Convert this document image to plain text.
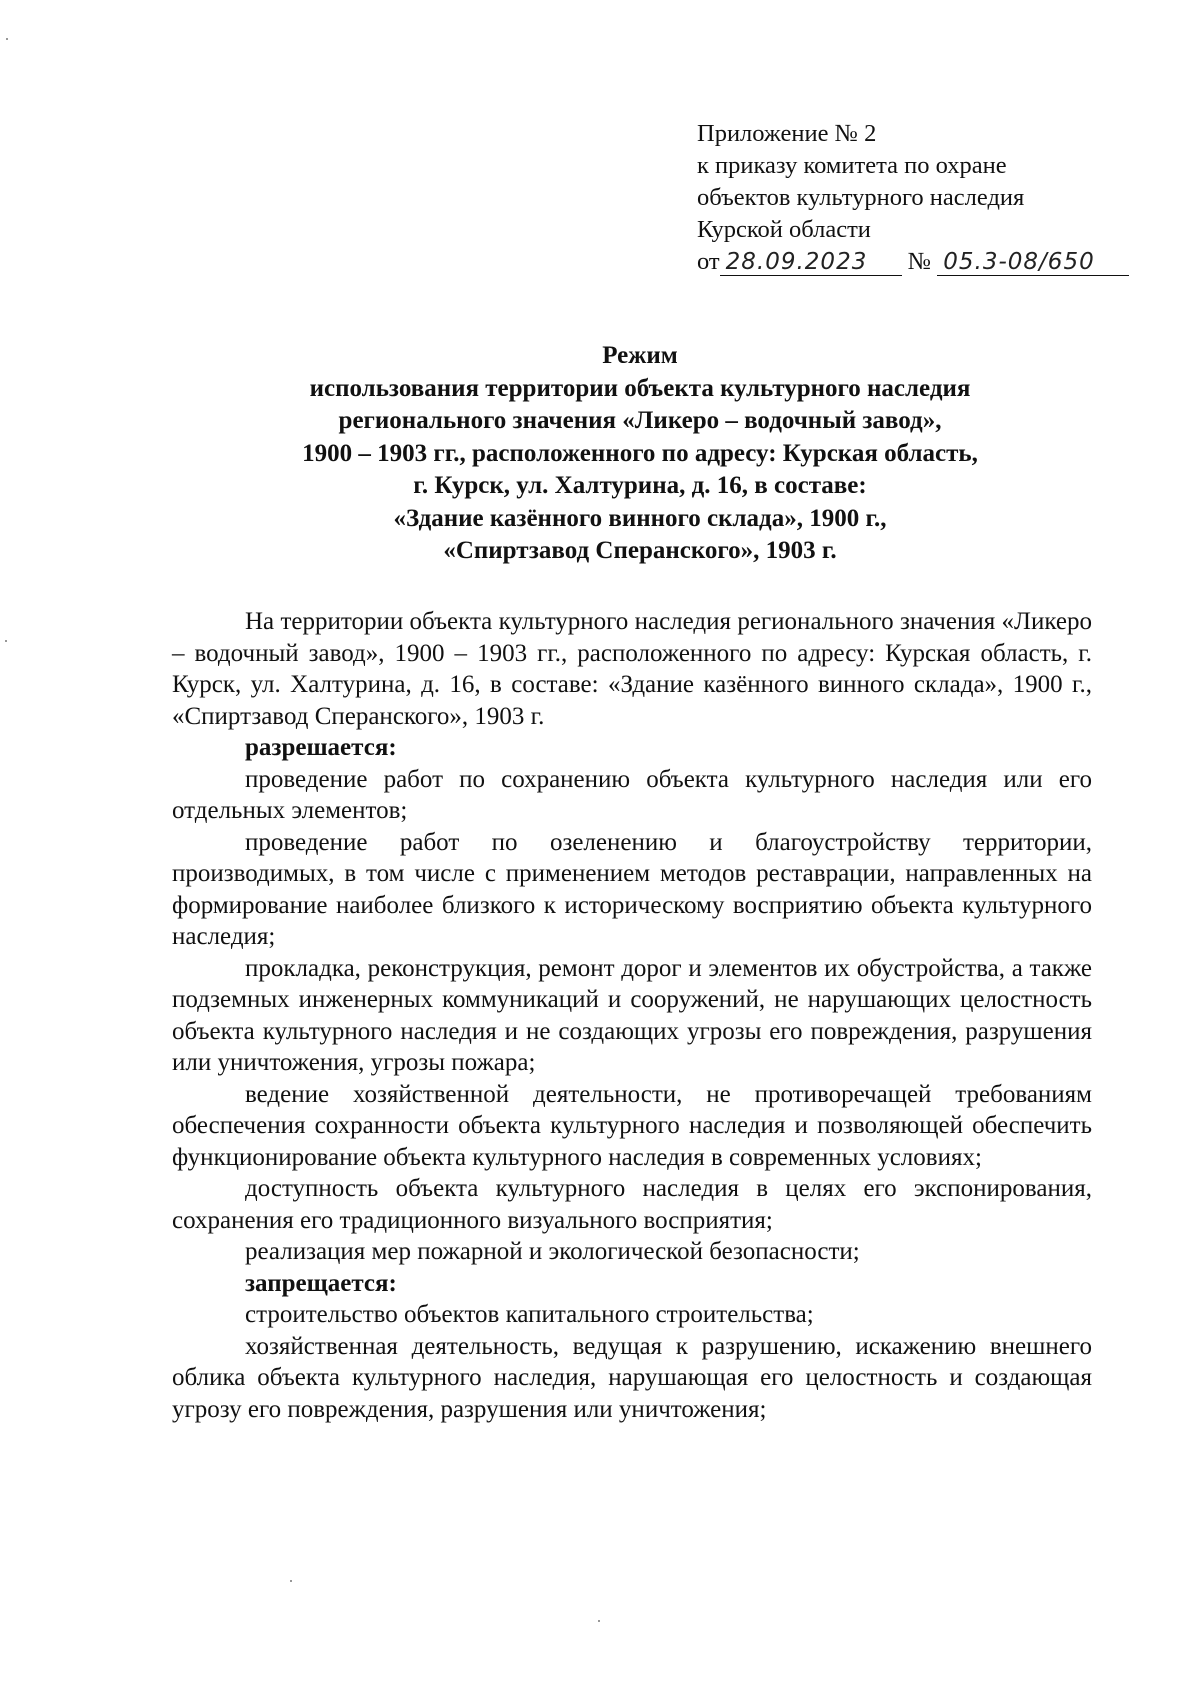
Приложение № 2
к приказу комитета по охране
объектов культурного наследия
Курской области
от 28.09.2023 № 05.3-08/650
Режим
использования территории объекта культурного наследия
регионального значения «Ликеро – водочный завод»,
1900 – 1903 гг., расположенного по адресу: Курская область,
г. Курск, ул. Халтурина, д. 16, в составе:
«Здание казённого винного склада», 1900 г.,
«Спиртзавод Сперанского», 1903 г.

На территории объекта культурного наследия регионального значения «Ликеро – водочный завод», 1900 – 1903 гг., расположенного по адресу: Курская область, г. Курск, ул. Халтурина, д. 16, в составе: «Здание казённого винного склада», 1900 г., «Спиртзавод Сперанского», 1903 г.

разрешается:

проведение работ по сохранению объекта культурного наследия или его отдельных элементов;

проведение работ по озеленению и благоустройству территории, производимых, в том числе с применением методов реставрации, направленных на формирование наиболее близкого к историческому восприятию объекта культурного наследия;

прокладка, реконструкция, ремонт дорог и элементов их обустройства, а также подземных инженерных коммуникаций и сооружений, не нарушающих целостность объекта культурного наследия и не создающих угрозы его повреждения, разрушения или уничтожения, угрозы пожара;

ведение хозяйственной деятельности, не противоречащей требованиям обеспечения сохранности объекта культурного наследия и позволяющей обеспечить функционирование объекта культурного наследия в современных условиях;

доступность объекта культурного наследия в целях его экспонирования, сохранения его традиционного визуального восприятия;

реализация мер пожарной и экологической безопасности;

запрещается:

строительство объектов капитального строительства;

хозяйственная деятельность, ведущая к разрушению, искажению внешнего облика объекта культурного наследия, нарушающая его целостность и создающая угрозу его повреждения, разрушения или уничтожения;
